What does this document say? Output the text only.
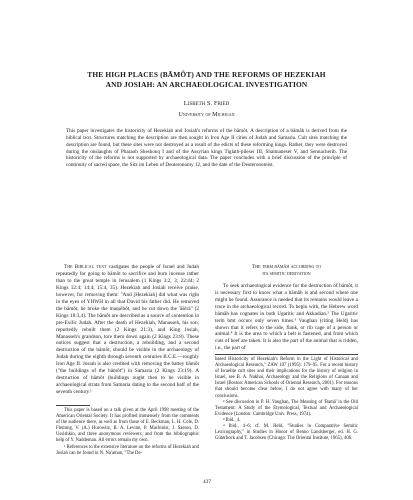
THE HIGH PLACES (BĀMÔT) AND THE REFORMS OF HEZEKIAH
AND JOSIAH: AN ARCHAEOLOGICAL INVESTIGATION
Lisbeth S. Fried
University of Michigan

This paper investigates the historicity of Hezekiah and Josiah's reforms of the bāmôt. A description of a bāmâh is derived from the biblical text. Structures matching the description are then sought in Iron Age II cities of Judah and Samaria. Cult sites matching the description are found, but these sites were not destroyed as a result of the edicts of these reforming kings. Rather, they were destroyed during the onslaughts of Pharaoh Sheshonq I and of the Assyrian kings Tiglath-pileser III, Shalmaneser V, and Sennacherib. The historicity of the reforms is not supported by archaeological data. The paper concludes with a brief discussion of the principle of continuity of sacred space, the Sitz im Leben of Deuteronomy 12, and the date of the Deuteronomist.

The Biblical text castigates the people of Israel and Judah repeatedly for going to bāmôt to sacrifice and burn incense rather than to the great temple in Jerusalem (1 Kings 3:2, 3; 22:44; 2 Kings 12:4; 14:4; 15:4, 35). Hezekiah and Josiah receive praise, however, for removing them: "And [Hezekiah] did what was right in the eyes of YHWH in all that David his father did. He removed the bāmôt, he broke the maṣṣēbôt, and he cut down the 'ăšērâ" (2 Kings 18:3,4). The bāmôt are described as a source of contention in pre-Exilic Judah. After the death of Hezekiah, Manasseh, his son, reportedly rebuilt them (2 Kings 21:3), and King Josiah, Manasseh's grandson, tore them down again (2 Kings 23:8). These notices suggest that a destruction, a rebuilding, and a second destruction of the bāmôt, should be visible in the archaeology of Judah during the eighth through seventh centuries B.C.E.—roughly Iron Age II. Josiah is also credited with removing the battey bāmôt ("the buildings of the bāmôt") in Samaria (2 Kings 23:19). A destruction of bāmôt (buildings ought then to be visible in archaeological strata from Samaria dating to the second half of the seventh century.¹

The term bāmâh according to

its semitic derivation

To seek archaeological evidence for the destruction of bāmôt, it is necessary first to know what a bāmâh is and second where one might be found. Assurance is needed that its remains would leave a trace in the archaeological record. To begin with, the Hebrew word bāmâh has cognates in both Ugaritic and Akkadian.² The Ugaritic term bmt occurs only seven times.³ Vaughan (citing Held) has shown that it refers to the side, flank, or rib cage of a person or animal.⁴ It is the area to which a belt is fastened, and from which cuts of beef are taken. It is also the part of the animal that is ridden, i.e., the part of

This paper is based on a talk given at the April 1998 meeting of the American Oriental Society. It has profited immensely from the comments of the audience there, as well as from those of E. Beckman, L. H. Cole, D. Fleming, V. (A.) Hurowitz, B. A. Levine, P. Machinist, J. Sasson, D. Ussishkin, and three anonymous reviewers, and from the bibliographic help of Y. Naddeman. All errors remain my own.

¹ References to the extensive literature on the reforms of Hezekiah and Josiah can be found in N. Na'aman, "The De-

based Historicity of Hezekiah's Reform in the Light of Historical and Archaeological Research," ZAW 107 (1995): 179–95. For a recent history of Israelite cult sites and their implications for the history of religion in Israel, see B. A. Nakhai, Archaeology and the Religions of Canaan and Israel (Boston: American Schools of Oriental Research, 2001). For reasons that should become clear below, I do not agree with many of her conclusions.

² See discussion in P. H. Vaughan, The Meaning of 'Bamâ' in the Old Testament: A Study of the Etymological, Textual and Archaeological Evidence (London: Cambridge Univ. Press, 1974).

³ Ibid., 4.

⁴ Ibid., 4–6; cf. M. Held, "Studies in Comparative Semitic Lexicography," in Studies in Honor of Benno Landsberger, ed. H. G. Güterbock and T. Jacobsen (Chicago: The Oriental Institute, 1965), 406.

437
